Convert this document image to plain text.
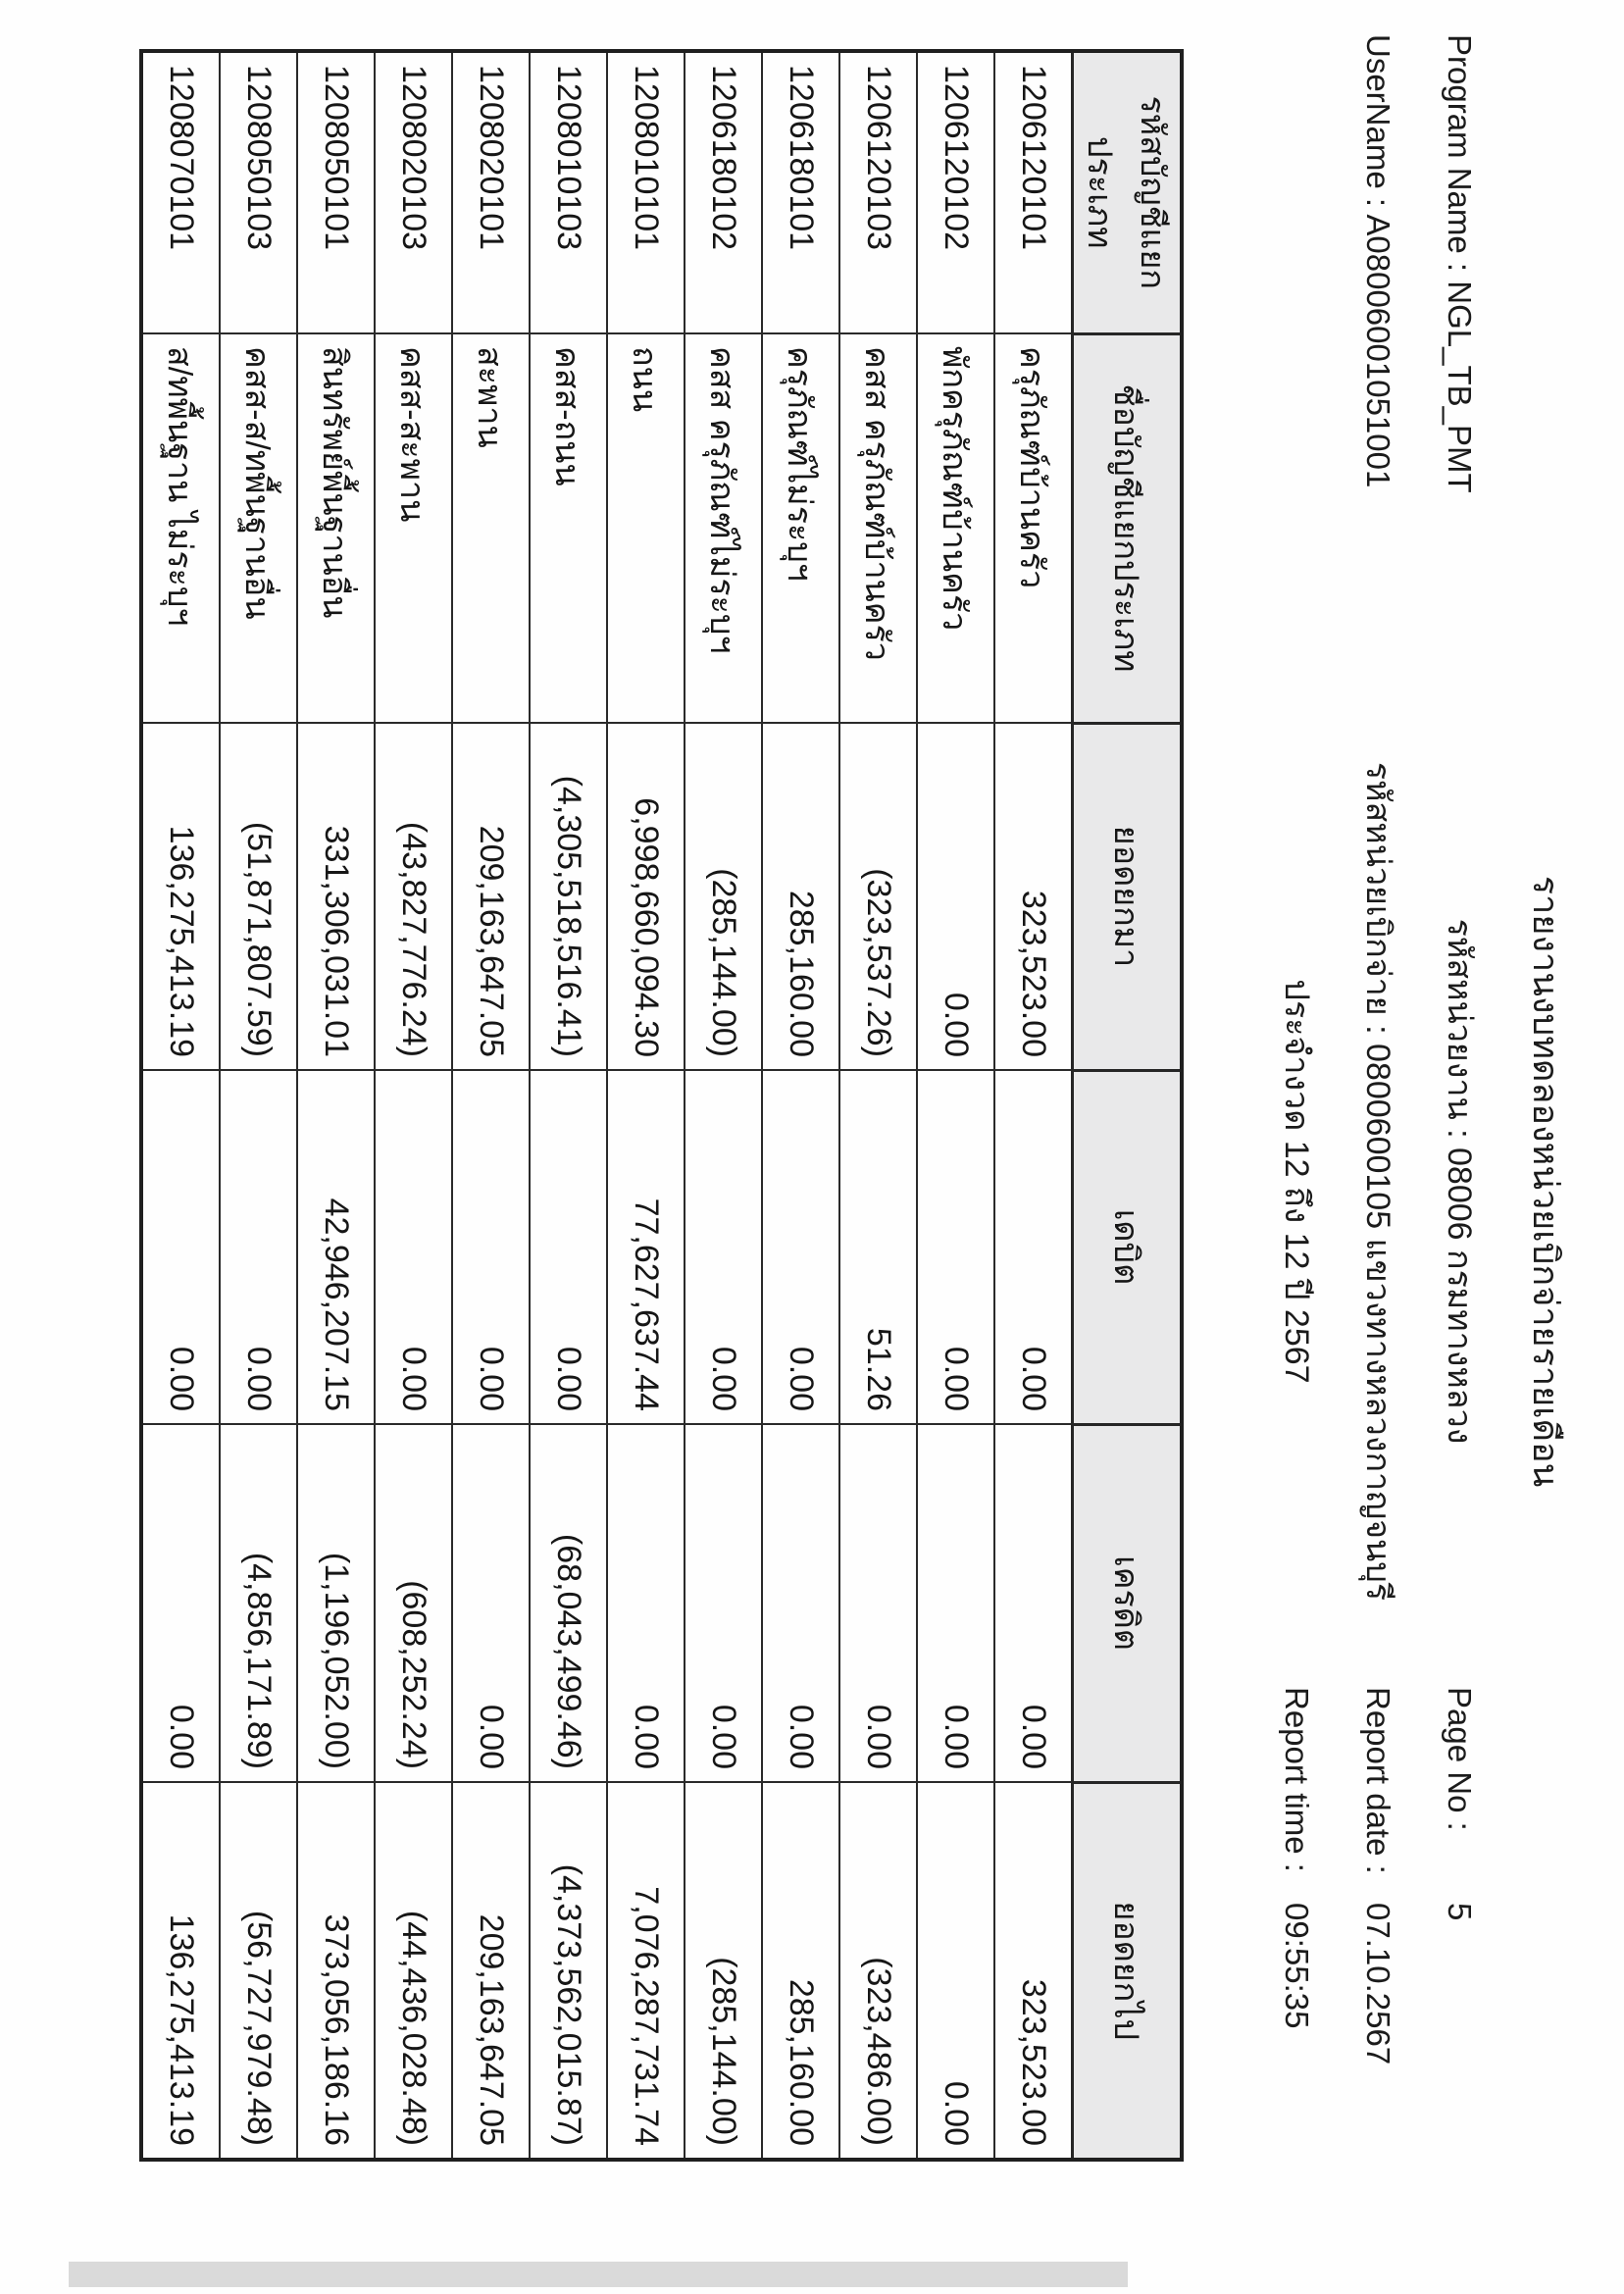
รายงานงบทดลองหน่วยเบิกจ่ายรายเดือน
รหัสหน่วยงาน : 08006 กรมทางหลวง
รหัสหน่วยเบิกจ่าย : 0800600105 แขวงทางหลวงกาญจนบุรี
ประจำงวด 12 ถึง 12 ปี 2567
Program Name : NGL_TB_PMT
UserName : A08006001051001
Page No :
5
Report date :
07.10.2567
Report time :
09:55:35
รหัสบัญชีแยกประเภท	ชื่อบัญชีแยกประเภท	ยอดยกมา	เดบิต	เครดิต	ยอดยกไป
1206120101	ครุภัณฑ์บ้านครัว	323,523.00	0.00	0.00	323,523.00
1206120102	พักครุภัณฑ์บ้านครัว	0.00	0.00	0.00	0.00
1206120103	คสส ครุภัณฑ์บ้านครัว	(323,537.26)	51.26	0.00	(323,486.00)
1206180101	ครุภัณฑ์ไม่ระบุฯ	285,160.00	0.00	0.00	285,160.00
1206180102	คสส ครุภัณฑ์ไม่ระบุฯ	(285,144.00)	0.00	0.00	(285,144.00)
1208010101	ถนน	6,998,660,094.30	77,627,637.44	0.00	7,076,287,731.74
1208010103	คสส-ถนน	(4,305,518,516.41)	0.00	(68,043,499.46)	(4,373,562,015.87)
1208020101	สะพาน	209,163,647.05	0.00	0.00	209,163,647.05
1208020103	คสส-สะพาน	(43,827,776.24)	0.00	(608,252.24)	(44,436,028.48)
1208050101	สินทรัพย์พื้นฐานอื่น	331,306,031.01	42,946,207.15	(1,196,052.00)	373,056,186.16
1208050103	คสส-ส/ทพื้นฐานอื่น	(51,871,807.59)	0.00	(4,856,171.89)	(56,727,979.48)
1208070101	ส/ทพื้นฐาน ไม่ระบุฯ	136,275,413.19	0.00	0.00	136,275,413.19
